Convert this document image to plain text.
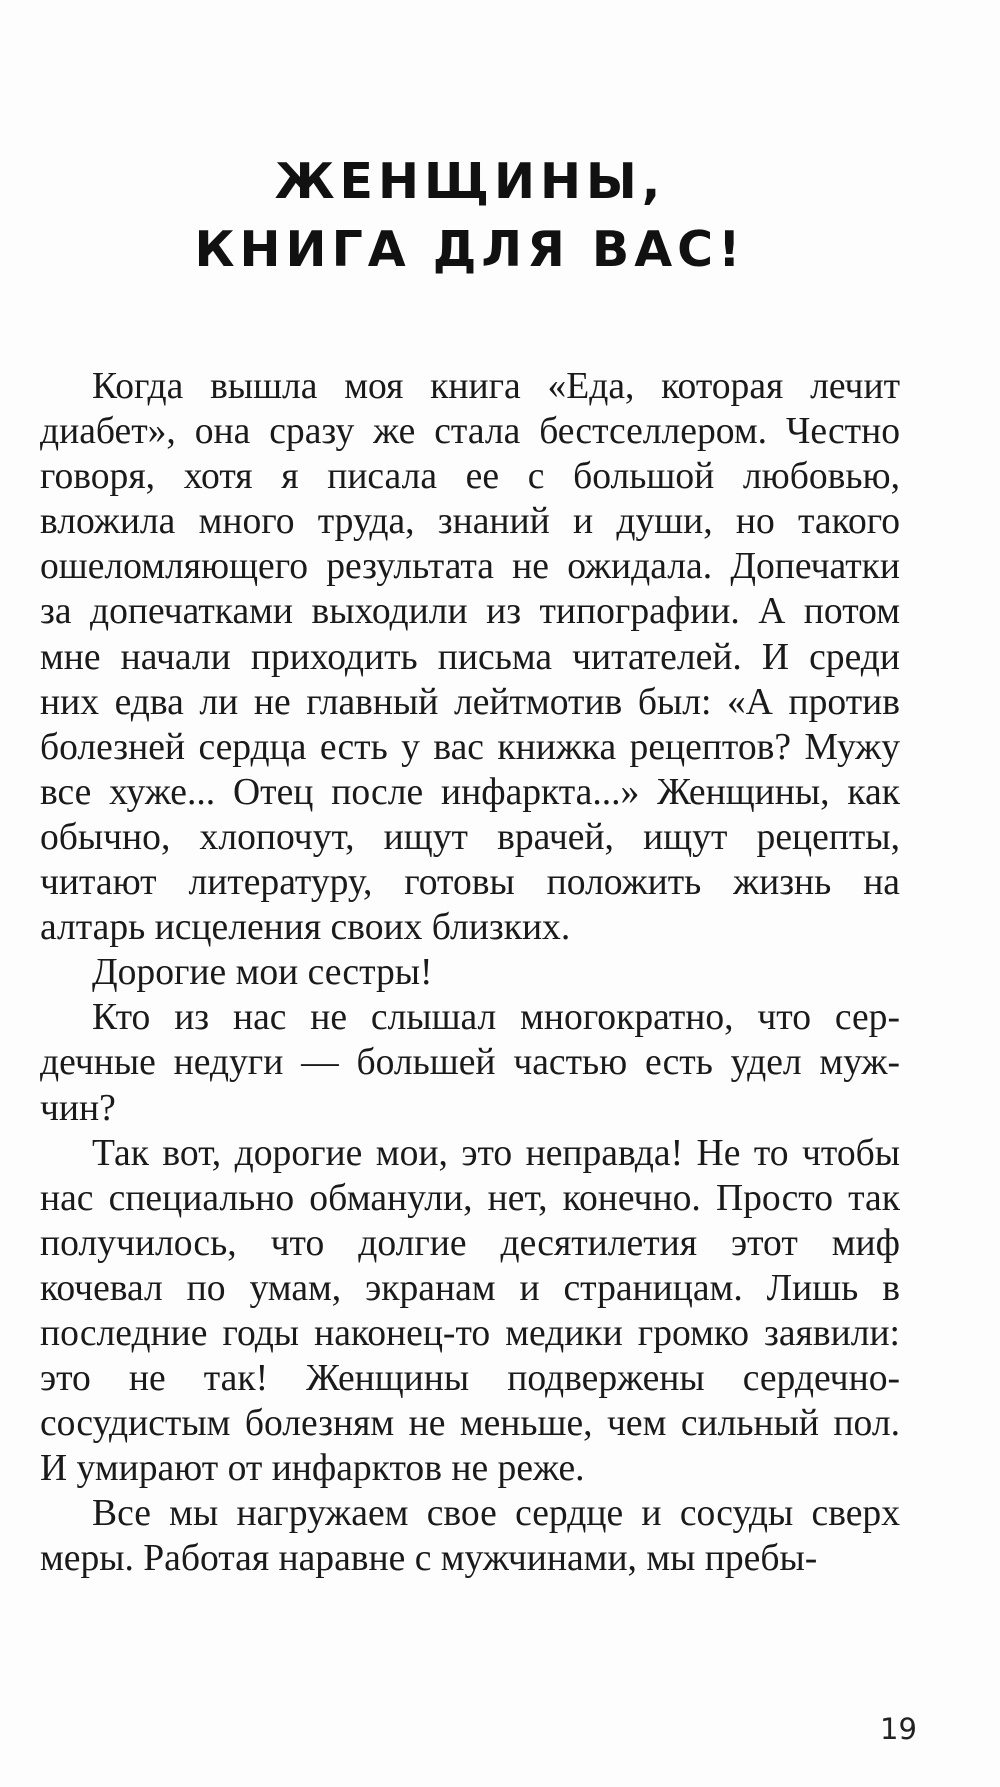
ЖЕНЩИНЫ,
КНИГА ДЛЯ ВАС!

Когда вышла моя книга «Еда, которая лечит диабет», она сразу же стала бестселлером. Честно говоря, хотя я писала ее с большой любовью, вложила много труда, знаний и души, но такого ошеломляющего результата не ожидала. Допечатки за допечатками выходили из типографии. А потом мне начали приходить письма читателей. И среди них едва ли не главный лейтмотив был: «А против болезней сердца есть у вас книжка рецептов? Мужу все хуже... Отец после инфаркта...» Женщины, как обычно, хлопочут, ищут врачей, ищут рецепты, читают литературу, готовы положить жизнь на алтарь исцеления своих близких.

Дорогие мои сестры!

Кто из нас не слышал многократно, что сердечные недуги — большей частью есть удел мужчин?

Так вот, дорогие мои, это неправда! Не то чтобы нас специально обманули, нет, конечно. Просто так получилось, что долгие десятилетия этот миф кочевал по умам, экранам и страницам. Лишь в последние годы наконец-то медики громко заявили: это не так! Женщины подвержены сердечно-сосудистым болезням не меньше, чем сильный пол. И умирают от инфарктов не реже.

Все мы нагружаем свое сердце и сосуды сверх меры. Работая наравне с мужчинами, мы пребы-

19
